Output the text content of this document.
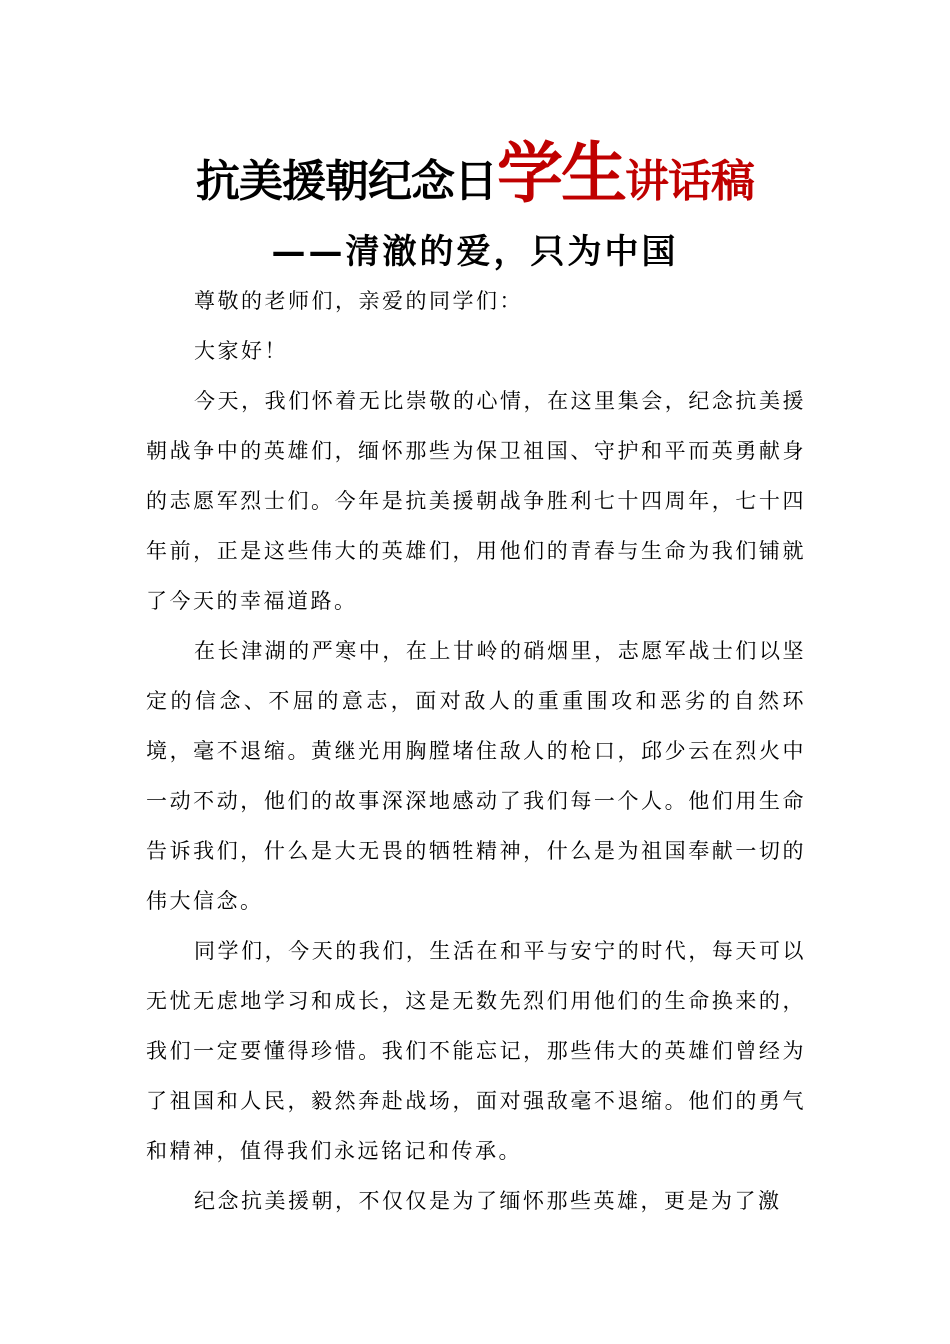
抗美援朝纪念日学生讲话稿
——清澈的爱，只为中国

尊敬的老师们，亲爱的同学们：

大家好！

今天，我们怀着无比崇敬的心情，在这里集会，纪念抗美援朝战争中的英雄们，缅怀那些为保卫祖国、守护和平而英勇献身的志愿军烈士们。今年是抗美援朝战争胜利七十四周年，七十四年前，正是这些伟大的英雄们，用他们的青春与生命为我们铺就了今天的幸福道路。

在长津湖的严寒中，在上甘岭的硝烟里，志愿军战士们以坚定的信念、不屈的意志，面对敌人的重重围攻和恶劣的自然环境，毫不退缩。黄继光用胸膛堵住敌人的枪口，邱少云在烈火中一动不动，他们的故事深深地感动了我们每一个人。他们用生命告诉我们，什么是大无畏的牺牲精神，什么是为祖国奉献一切的伟大信念。

同学们，今天的我们，生活在和平与安宁的时代，每天可以无忧无虑地学习和成长，这是无数先烈们用他们的生命换来的，我们一定要懂得珍惜。我们不能忘记，那些伟大的英雄们曾经为了祖国和人民，毅然奔赴战场，面对强敌毫不退缩。他们的勇气和精神，值得我们永远铭记和传承。

纪念抗美援朝，不仅仅是为了缅怀那些英雄，更是为了激
